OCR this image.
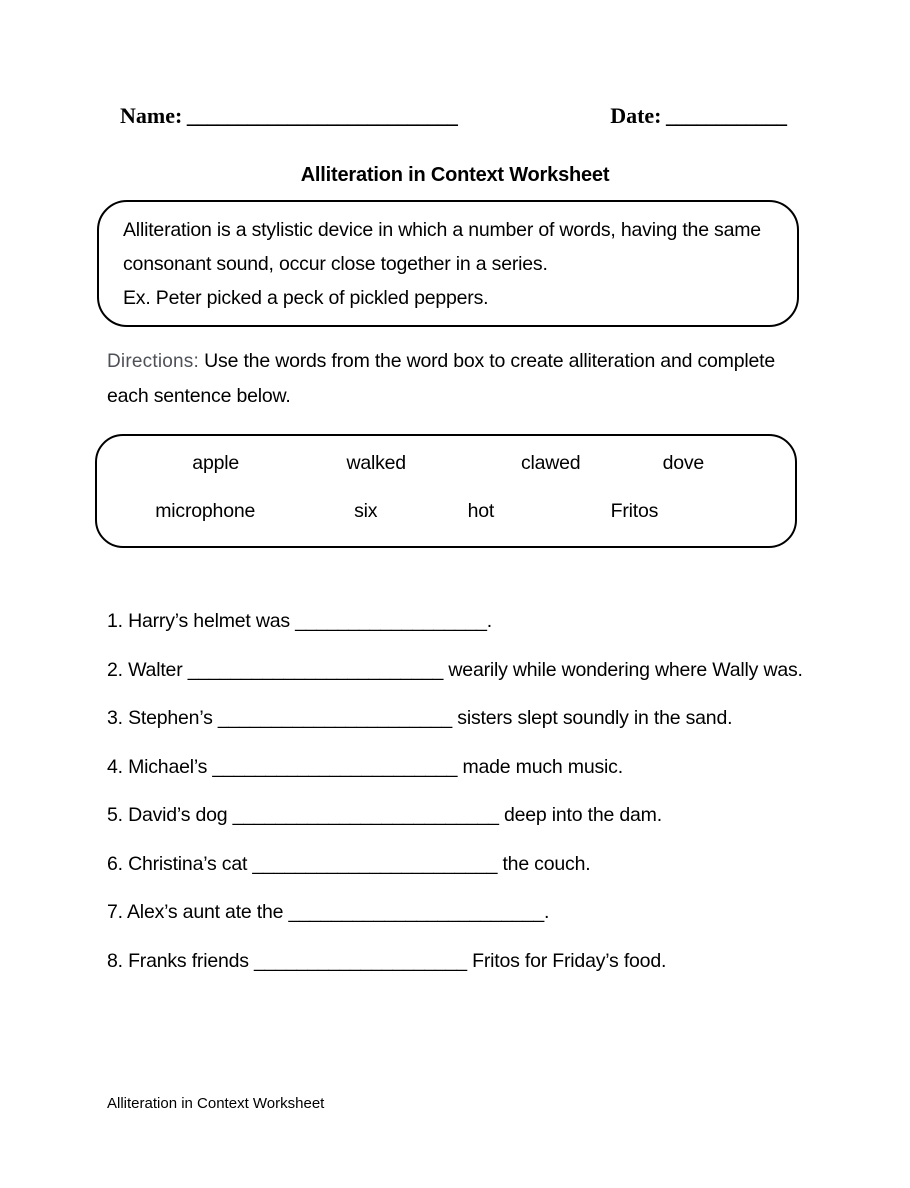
Name: ___________________________	Date: ____________
Alliteration in Context Worksheet
Alliteration is a stylistic device in which a number of words, having the same consonant sound, occur close together in a series.
Ex. Peter picked a peck of pickled peppers.
Directions: Use the words from the word box to create alliteration and complete each sentence below.
apple	walked	clawed	dove
microphone	six	hot	Fritos

1. Harry’s helmet was __________________.

2. Walter ________________________ wearily while wondering where Wally was.

3. Stephen’s ______________________ sisters slept soundly in the sand.

4. Michael’s _______________________ made much music.

5. David’s dog _________________________ deep into the dam.

6. Christina’s cat _______________________ the couch.

7. Alex’s aunt ate the ________________________.

8. Franks friends ____________________ Fritos for Friday’s food.

Alliteration in Context Worksheet
